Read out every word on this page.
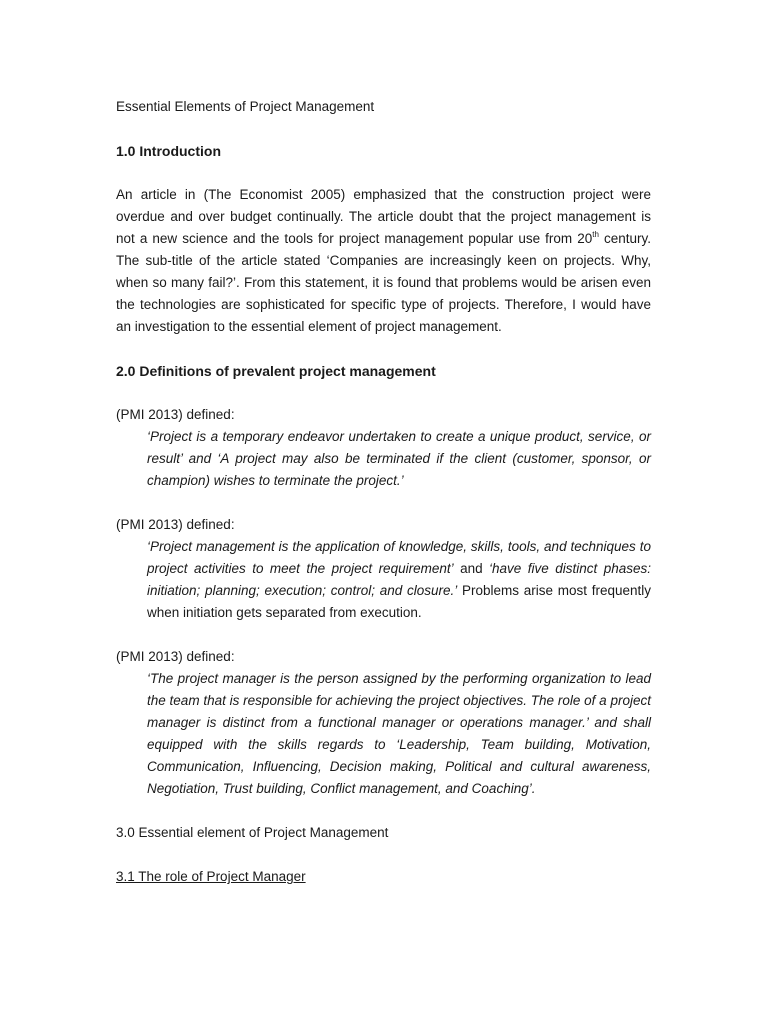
Essential Elements of Project Management

1.0 Introduction

An article in (The Economist 2005) emphasized that the construction project were overdue and over budget continually. The article doubt that the project management is not a new science and the tools for project management popular use from 20th century. The sub-title of the article stated ‘Companies are increasingly keen on projects. Why, when so many fail?’. From this statement, it is found that problems would be arisen even the technologies are sophisticated for specific type of projects. Therefore, I would have an investigation to the essential element of project management.

2.0 Definitions of prevalent project management

(PMI 2013) defined:

‘Project is a temporary endeavor undertaken to create a unique product, service, or result’ and ‘A project may also be terminated if the client (customer, sponsor, or champion) wishes to terminate the project.’

(PMI 2013) defined:

‘Project management is the application of knowledge, skills, tools, and techniques to project activities to meet the project requirement’ and ‘have five distinct phases: initiation; planning; execution; control; and closure.’ Problems arise most frequently when initiation gets separated from execution.

(PMI 2013) defined:

‘The project manager is the person assigned by the performing organization to lead the team that is responsible for achieving the project objectives. The role of a project manager is distinct from a functional manager or operations manager.’ and shall equipped with the skills regards to ‘Leadership, Team building, Motivation, Communication, Influencing, Decision making, Political and cultural awareness, Negotiation, Trust building, Conflict management, and Coaching’.

3.0 Essential element of Project Management

3.1 The role of Project Manager
